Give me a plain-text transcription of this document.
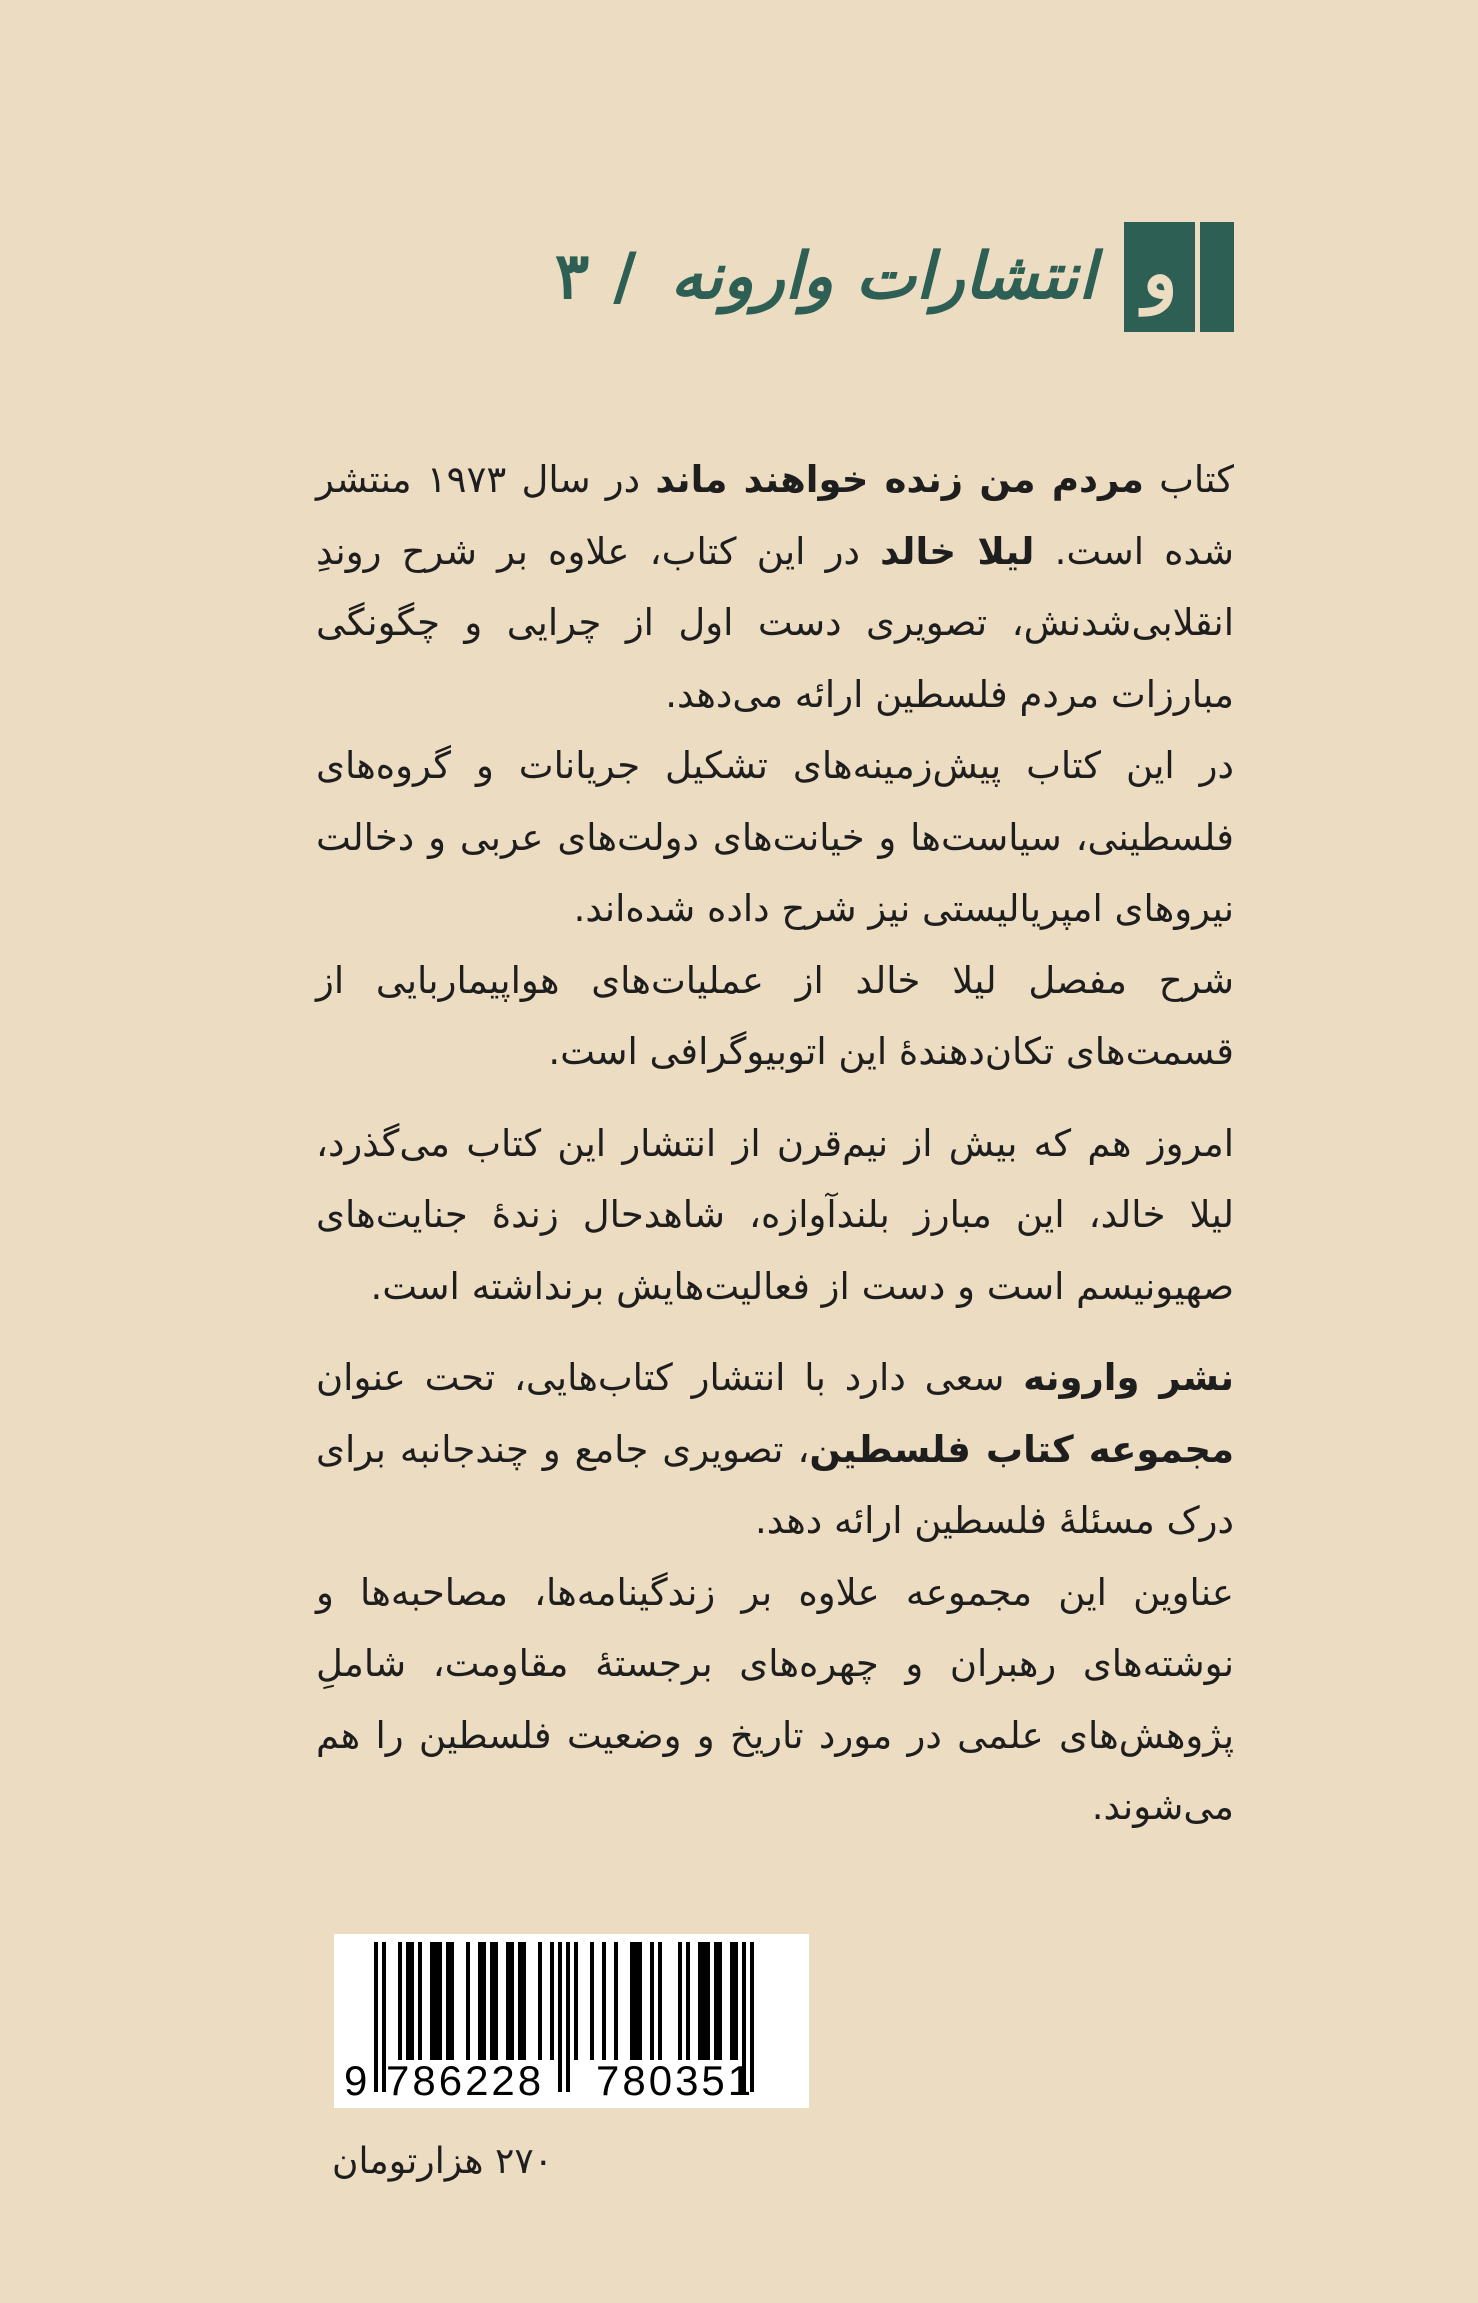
و
انتشارات وارونه
/
۳

کتاب مردم من زنده خواهند ماند در سال ۱۹۷۳ منتشر شده است. لیلا خالد در این کتاب، علاوه بر شرح روندِ انقلابی‌شدنش، تصویری دست اول از چرایی و چگونگی مبارزات مردم فلسطین ارائه می‌دهد.

در این کتاب پیش‌زمینه‌های تشکیل جریانات و گروه‌های فلسطینی، سیاست‌ها و خیانت‌های دولت‌های عربی و دخالت نیروهای امپریالیستی نیز شرح داده شده‌اند.

شرح مفصل لیلا خالد از عملیات‌های هواپیماربایی از قسمت‌های تکان‌دهندهٔ این اتوبیوگرافی است.

امروز هم که بیش از نیم‌قرن از انتشار این کتاب می‌گذرد، لیلا خالد، این مبارز بلندآوازه، شاهدحال زندهٔ جنایت‌های صهیونیسم است و دست از فعالیت‌هایش برنداشته است.

نشر وارونه سعی دارد با انتشار کتاب‌هایی، تحت عنوان مجموعه کتاب فلسطین، تصویری جامع و چندجانبه برای درک مسئلهٔ فلسطین ارائه دهد.

عناوین این مجموعه علاوه بر زندگینامه‌ها، مصاحبه‌ها و نوشته‌های رهبران و چهره‌های برجستهٔ مقاومت، شاملِ پژوهش‌های علمی در مورد تاریخ و وضعیت فلسطین را هم می‌شوند.

9 786228 780351
۲۷۰ هزارتومان
